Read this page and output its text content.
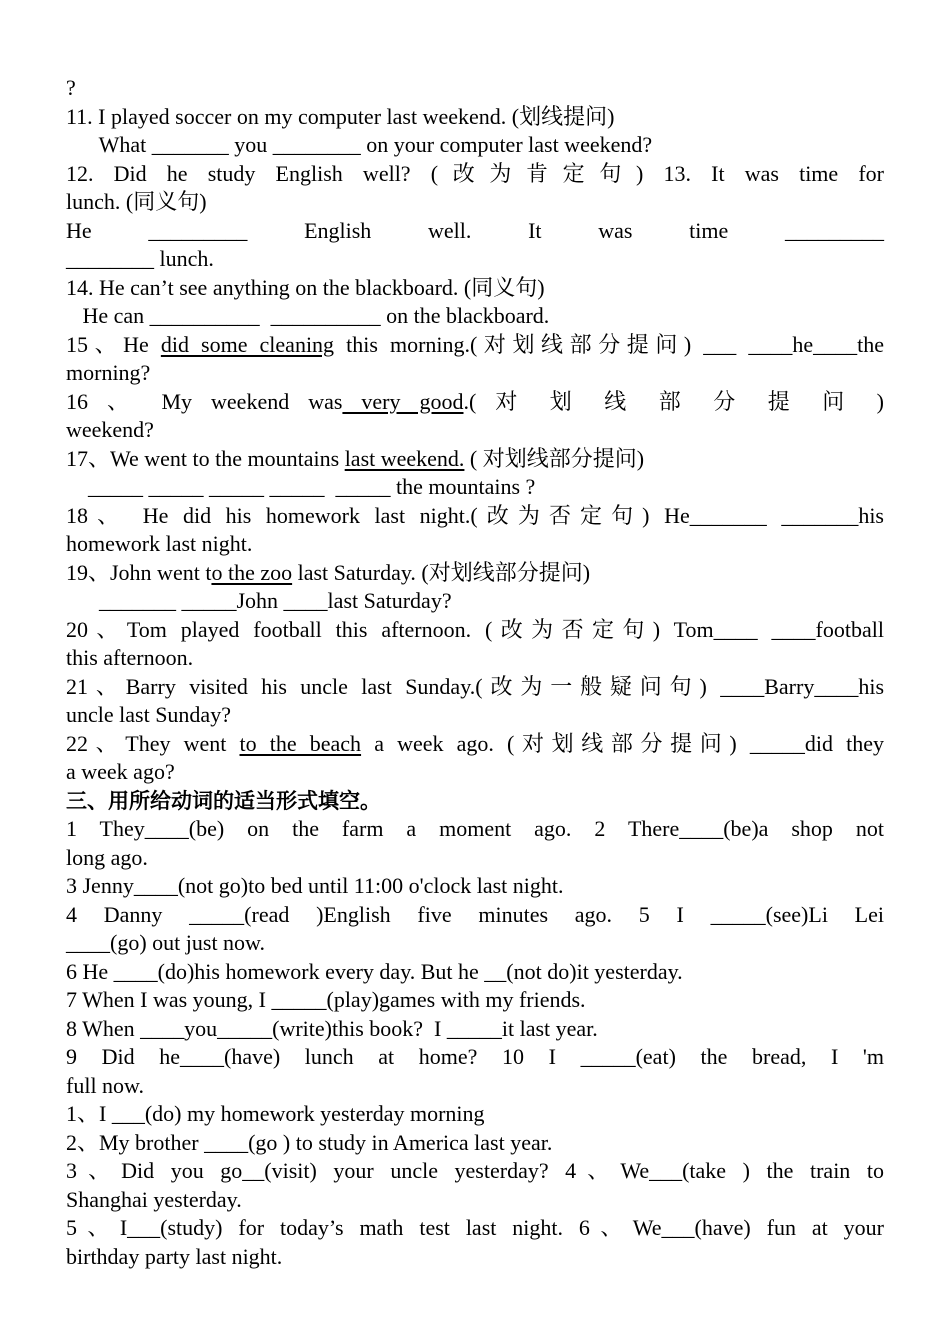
?
11. I played soccer on my computer last weekend. (划线提问)
What _______ you ________ on your computer last weekend?
12. Did he study English well? (改为肯定句) 13. It was time for
lunch. (同义句)
He _________ English well. It was time _________
________ lunch.
14. He can’t see anything on the blackboard. (同义句)
He can __________  __________ on the blackboard.
15、He did some cleaning this morning.(对划线部分提问) ___ ____he____the
morning?
16 、 My weekend was very good.( 对 划 线 部 分 提 问 )
weekend?
17、We went to the mountains last weekend. ( 对划线部分提问)
_____ _____ _____ _____  _____ the mountains ?
18、 He did his homework last night.(改为否定句) He_______ _______his
homework last night.
19、John went to the zoo last Saturday. (对划线部分提问)
_______ _____John ____last Saturday?
20、Tom played football this afternoon. (改为否定句) Tom____ ____football
this afternoon.
21、Barry visited his uncle last Sunday.(改为一般疑问句) ____Barry____his
uncle last Sunday?
22、They went to the beach a week ago. (对划线部分提问) _____did they
a week ago?
三、用所给动词的适当形式填空。
1 They____(be) on the farm a moment ago. 2 There____(be)a shop not
long ago.
3 Jenny____(not go)to bed until 11:00 o'clock last night.
4 Danny _____(read )English five minutes ago. 5 I _____(see)Li Lei
____(go) out just now.
6 He ____(do)his homework every day. But he __(not do)it yesterday.
7 When I was young, I _____(play)games with my friends.
8 When ____you_____(write)this book?  I _____it last year.
9 Did he____(have) lunch at home? 10 I _____(eat) the bread, I 'm
full now.
1、I ___(do) my homework yesterday morning
2、My brother ____(go ) to study in America last year.
3、Did you go__(visit) your uncle yesterday? 4、We___(take ) the train to
Shanghai yesterday.
5、I___(study) for today’s math test last night. 6、We___(have) fun at your
birthday party last night.
